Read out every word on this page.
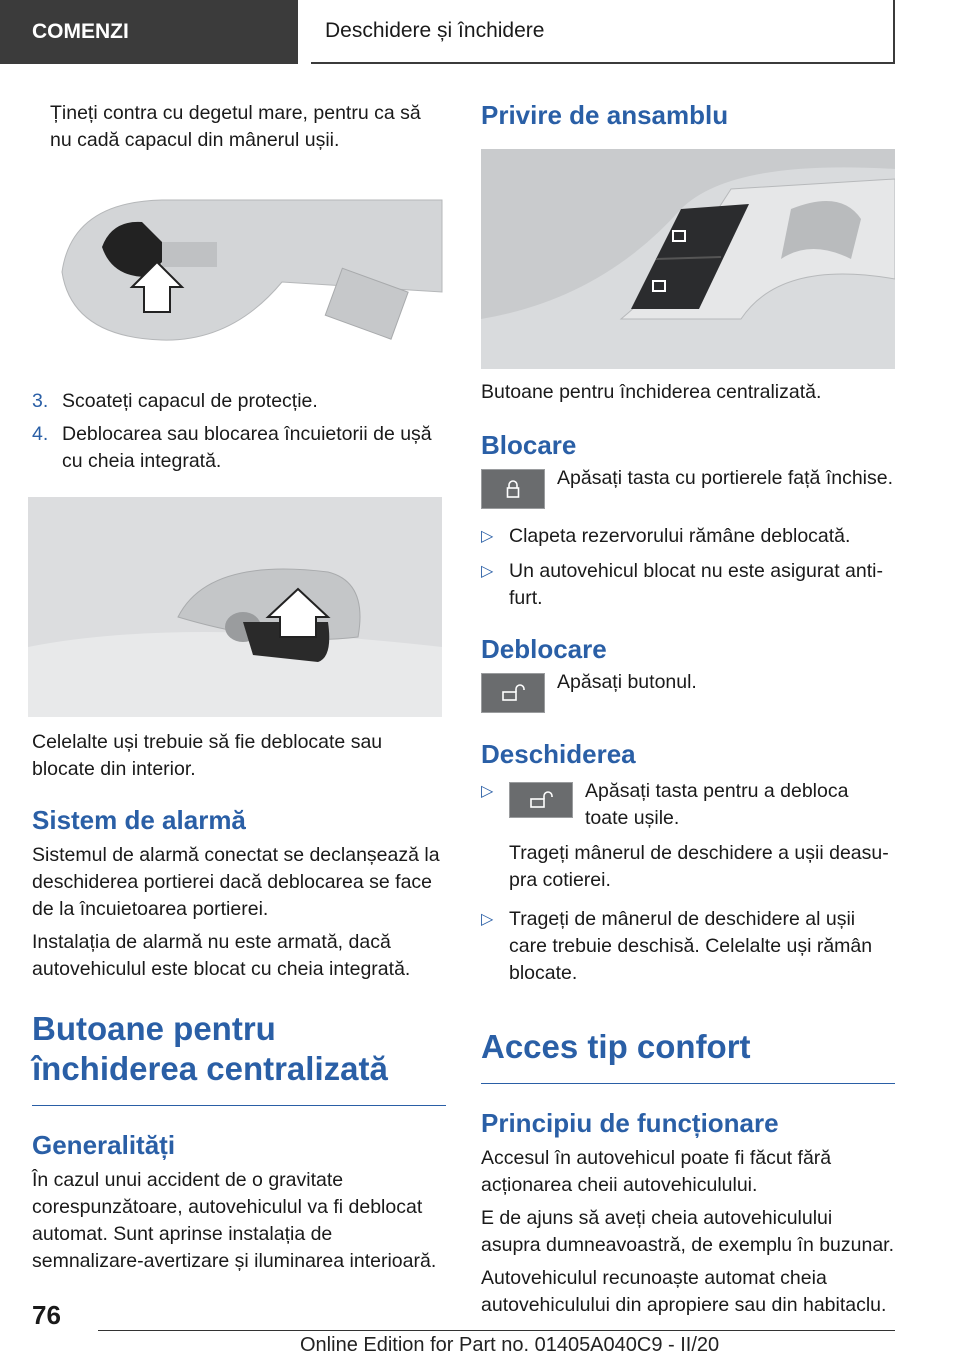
COMENZI	Deschidere și închidere

Țineți contra cu degetul mare, pentru ca să nu cadă capacul din mânerul ușii.

3. Scoateți capacul de protecție.
4. Deblocarea sau blocarea încuietorii de ușă cu cheia integrată.

Celelalte uși trebuie să fie deblocate sau blocate din interior.

Sistem de alarmă

Sistemul de alarmă conectat se declanșează la deschiderea portierei dacă deblocarea se face de la încuietoarea portierei.

Instalația de alarmă nu este armată, dacă autovehiculul este blocat cu cheia integrată.

Butoane pentru închiderea centralizată
Generalități

În cazul unui accident de o gravitate corespunzătoare, autovehiculul va fi deblocat automat. Sunt aprinse instalația de semnalizare-avertizare și iluminarea interioară.

Privire de ansamblu

Butoane pentru închiderea centralizată.

Blocare

Apăsați tasta cu portierele față închise.

▷ Clapeta rezervorului rămâne deblocată.
▷ Un autovehicul blocat nu este asigurat antifurt.
Deblocare

Apăsați butonul.

Deschiderea
▷	Apăsați tasta pentru a debloca toate ușile.

Trageți mânerul de deschidere a ușii deasupra cotierei.

▷ Trageți de mânerul de deschidere al ușii care trebuie deschisă. Celelalte uși rămân blocate.
Acces tip confort
Principiu de funcționare

Accesul în autovehicul poate fi făcut fără acționarea cheii autovehiculului.

E de ajuns să aveți cheia autovehiculului asupra dumneavoastră, de exemplu în buzunar.

Autovehiculul recunoaște automat cheia autovehiculului din apropiere sau din habitaclu.

76
Online Edition for Part no. 01405A040C9 - II/20
